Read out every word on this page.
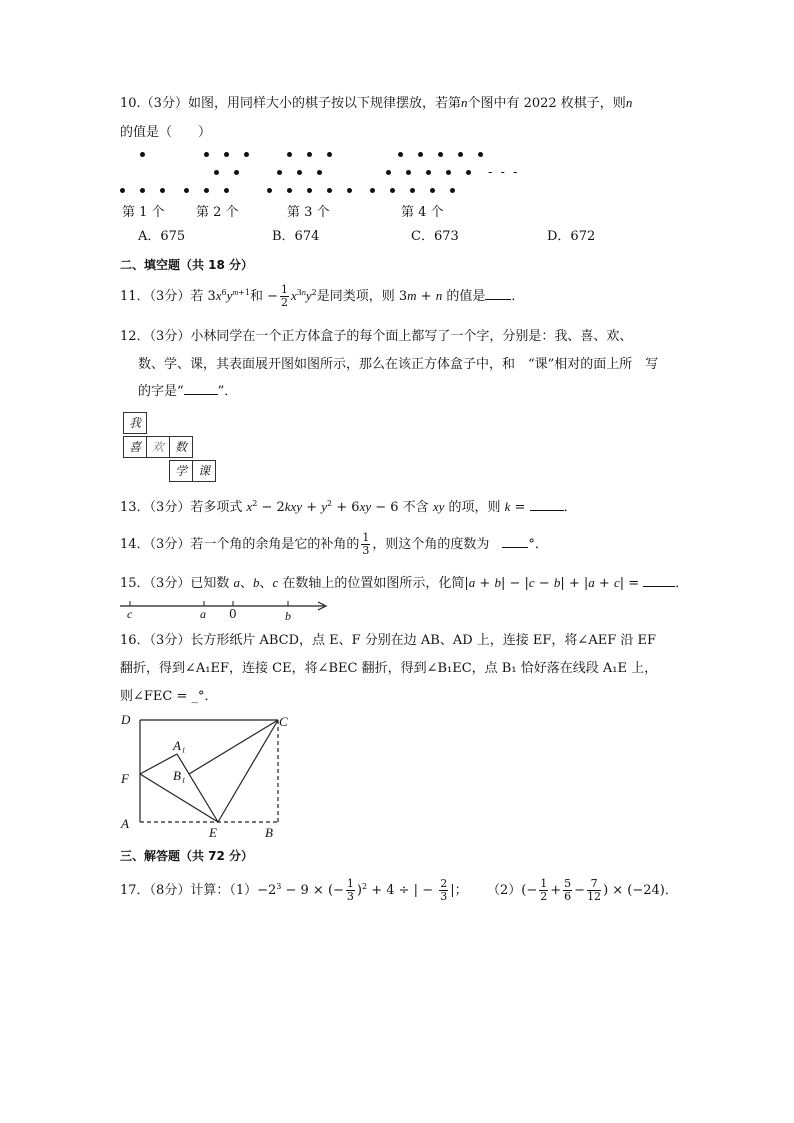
10.（3分）如图，用同样大小的棋子按以下规律摆放，若第n个图中有 2022 枚棋子，则n
的值是（　　）
- - -
第 1 个 第 2 个	第 3 个	第 4 个
A．675	B．674	C．673	D．672
二、填空题（共 18 分）
11．（3分）若 $3x^6y^{m+1}$和 − $\frac{1}{2} x^{3n}y^2$是同类项，则 3m + n 的值是 ．
12．（3分）小林同学在一个正方体盒子的每个面上都写了一个字，分别是：我、喜、欢、
数、学、课，其表面展开图如图所示，那么在该正方体盒子中，和　“课”相对的面上所　写
的字是“	”．
我
喜 欢 数
学 课
13．（3分）若多项式 $x^2 - 2kxy + y^2 + 6xy - 6$ 不含 xy 的项，则 k =	．
14．（3分）若一个角的余角是它的补角的 $\frac{1}{3}$ ，则这个角的度数为　	°．
15．（3分）已知数 a、b、c 在数轴上的位置如图所示，化简|a + b| − |c − b| + |a + c| = ．
c	a 0	b
16．（3分）长方形纸片 ABCD，点 E、F 分别在边 AB、AD 上，连接 EF，将∠AEF 沿 EF
翻折，得到∠A₁EF，连接 CE，将∠BEC 翻折，得到∠B₁EC，点 B₁ 恰好落在线段 A₁E 上，
则∠FEC = _°．
D	C
A₁
B₁
F
A
E	B
三、解答题（共 72 分）
17．（8分）计算：$(1)-2^3 - 9$ × (− $\frac{1}{3} )^2 + 4$ ÷ | − $\frac{2}{3}$ |； $(2)(- \frac{1}{2} + \frac{5}{6} - \frac{7}{12}$ ) × (−24)．
